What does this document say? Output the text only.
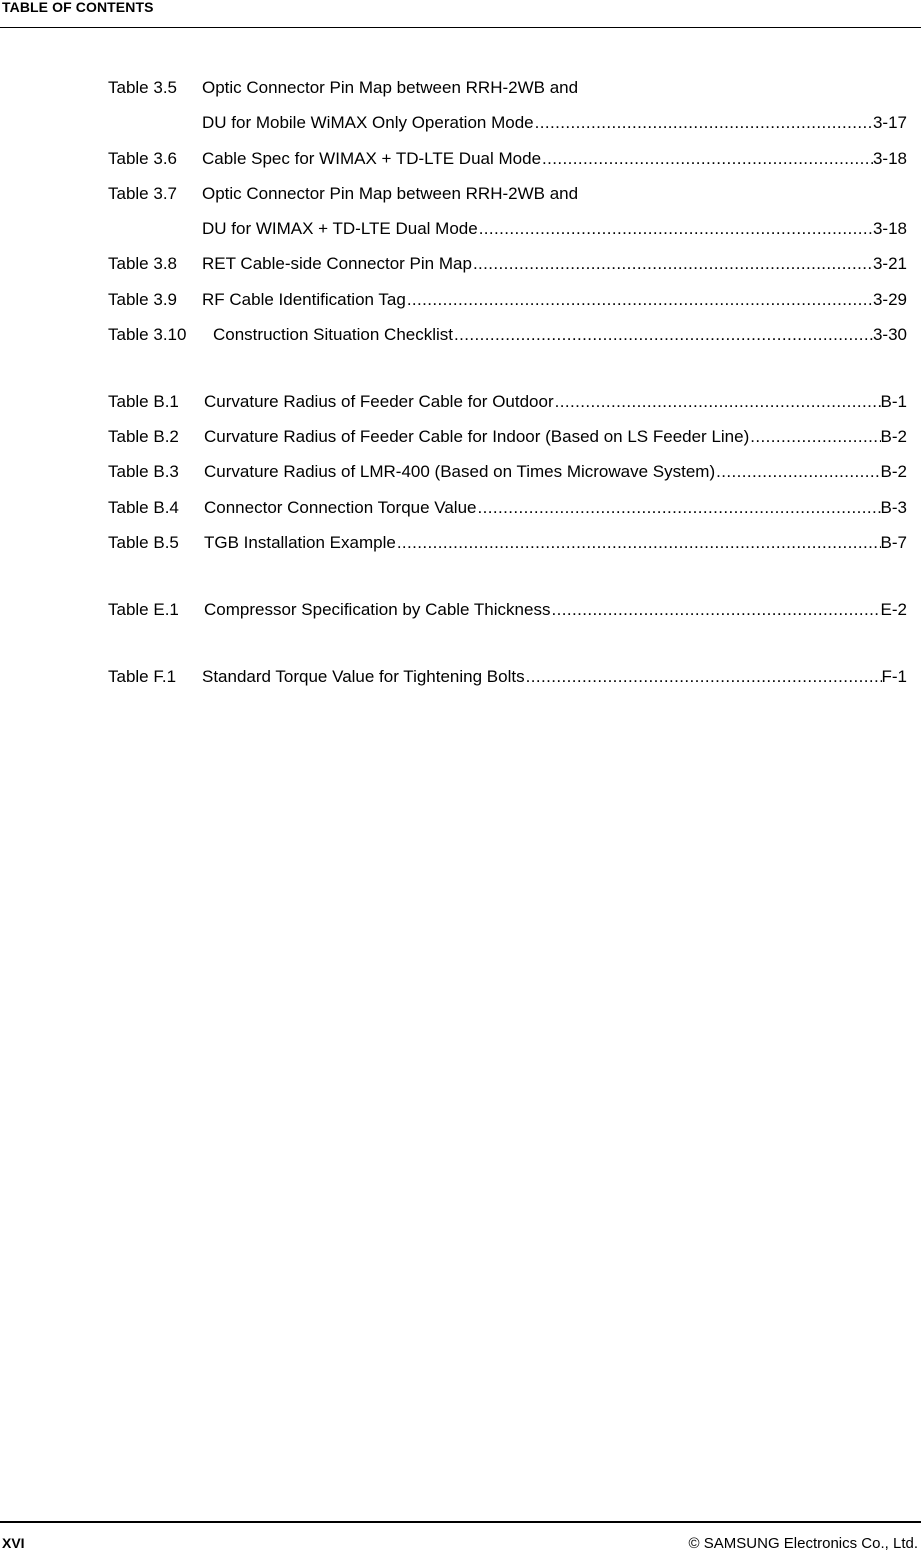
TABLE OF CONTENTS
Table 3.5	Optic Connector Pin Map between RRH-2WB and
DU for Mobile WiMAX Only Operation Mode .....	3-17
Table 3.6	Cable Spec for WIMAX + TD-LTE Dual Mode .....	3-18
Table 3.7	Optic Connector Pin Map between RRH-2WB and
DU for WIMAX + TD-LTE Dual Mode .....	3-18
Table 3.8	RET Cable-side Connector Pin Map .....	3-21
Table 3.9	RF Cable Identification Tag .....	3-29
Table 3.10	Construction Situation Checklist .....	3-30
Table B.1	Curvature Radius of Feeder Cable for Outdoor .....	B-1
Table B.2	Curvature Radius of Feeder Cable for Indoor (Based on LS Feeder Line) .....	B-2
Table B.3	Curvature Radius of LMR-400 (Based on Times Microwave System) .....	B-2
Table B.4	Connector Connection Torque Value .....	B-3
Table B.5	TGB Installation Example .....	B-7
Table E.1	Compressor Specification by Cable Thickness .....	E-2
Table F.1	Standard Torque Value for Tightening Bolts .....	F-1
XVI	© SAMSUNG Electronics Co., Ltd.
